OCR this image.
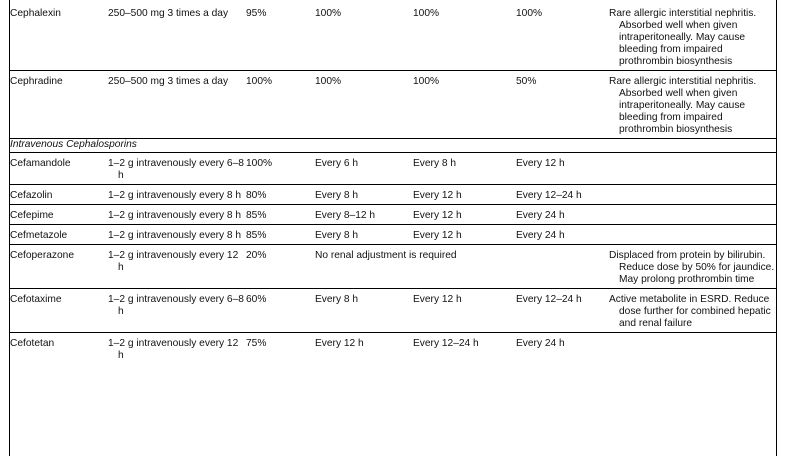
Cephalexin	250–500 mg 3 times a day	95%	100%	100%	100%	Rare allergic interstitial nephritis. Absorbed well when given intraperitoneally. May cause bleeding from impaired prothrombin biosynthesis
Cephradine	250–500 mg 3 times a day	100%	100%	100%	50%	Rare allergic interstitial nephritis. Absorbed well when given intraperitoneally. May cause bleeding from impaired prothrombin biosynthesis
Intravenous Cephalosporins						
Cefamandole	1–2 g intravenously every 6–8 h	100%	Every 6 h	Every 8 h	Every 12 h	
Cefazolin	1–2 g intravenously every 8 h	80%	Every 8 h	Every 12 h	Every 12–24 h	
Cefepime	1–2 g intravenously every 8 h	85%	Every 8–12 h	Every 12 h	Every 24 h	
Cefmetazole	1–2 g intravenously every 8 h	85%	Every 8 h	Every 12 h	Every 24 h	
Cefoperazone	1–2 g intravenously every 12 h	20%	No renal adjustment is required			Displaced from protein by bilirubin. Reduce dose by 50% for jaundice. May prolong prothrombin time
Cefotaxime	1–2 g intravenously every 6–8 h	60%	Every 8 h	Every 12 h	Every 12–24 h	Active metabolite in ESRD. Reduce dose further for combined hepatic and renal failure
Cefotetan	1–2 g intravenously every 12 h	75%	Every 12 h	Every 12–24 h	Every 24 h	
